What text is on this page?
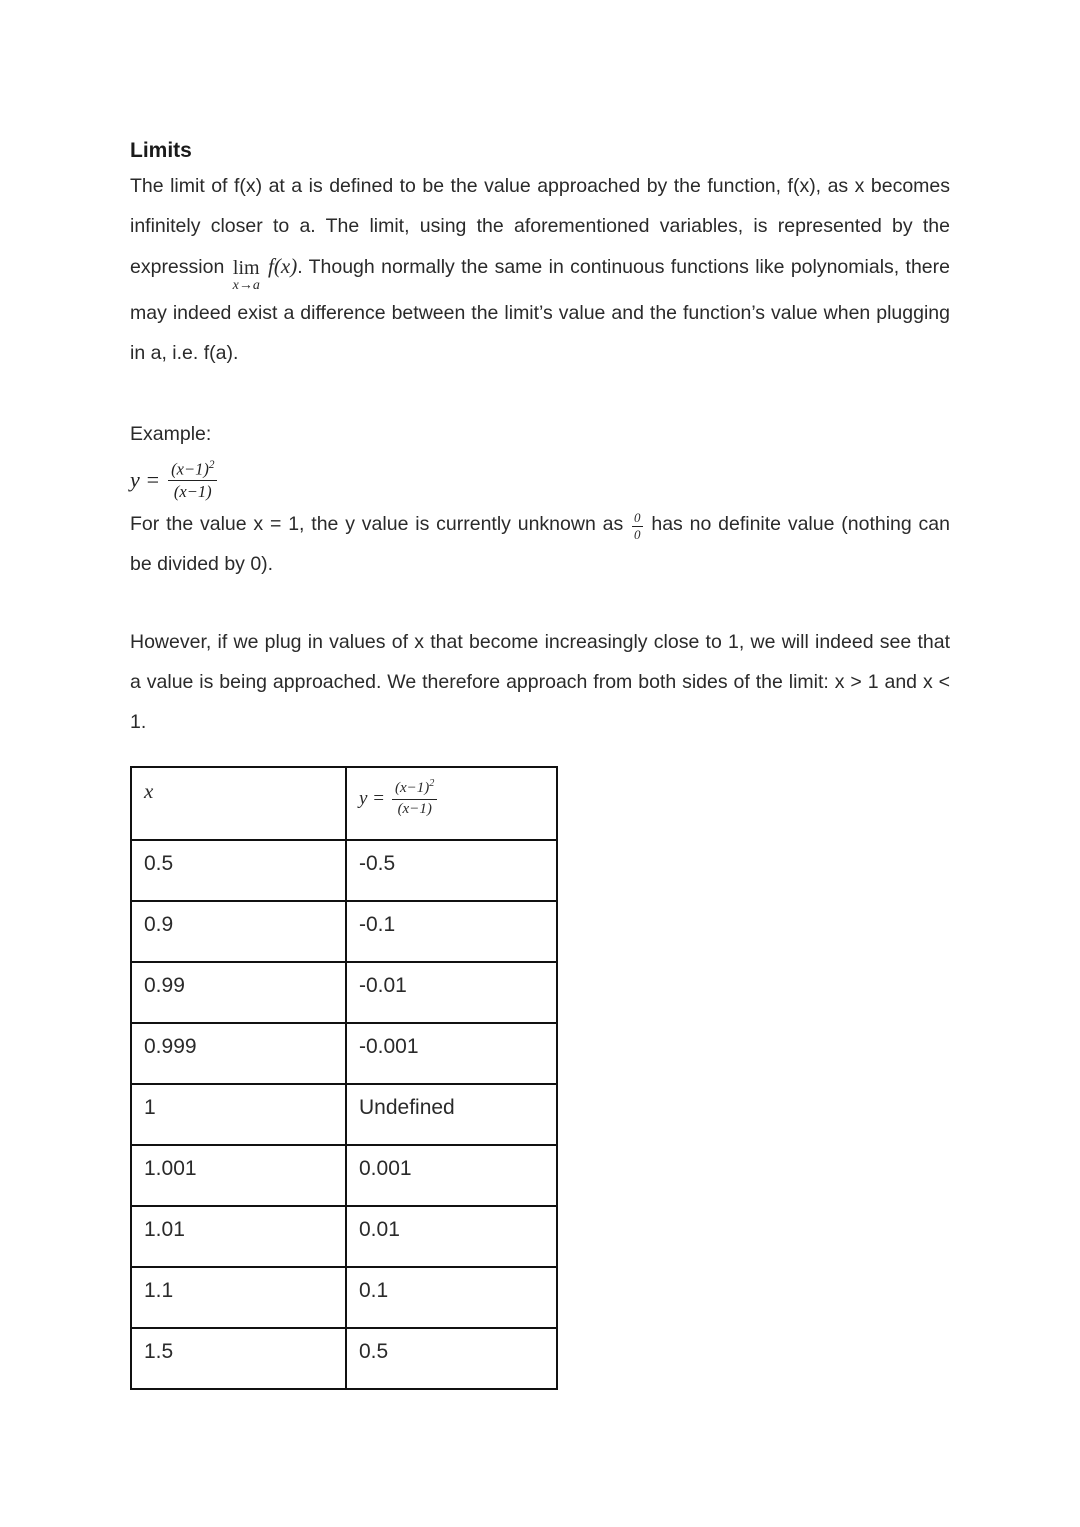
Limits

The limit of f(x) at a is defined to be the value approached by the function, f(x), as x becomes infinitely closer to a. The limit, using the aforementioned variables, is represented by the expression lim
x→a
f(x). Though normally the same in continuous functions like polynomials, there may indeed exist a difference between the limit’s value and the function’s value when plugging in a, i.e. f(a).

Example:

$y = \frac{(x-1)^2}{(x-1)}$

For the value x = 1, the y value is currently unknown as $\frac{0}{0}$ has no definite value (nothing can be divided by 0).

However, if we plug in values of x that become increasingly close to 1, we will indeed see that a value is being approached. We therefore approach from both sides of the limit: x > 1 and x < 1.

x	$y = \frac{(x-1)^2}{(x-1)}$

0.5	-0.5
0.9	-0.1
0.99	-0.01
0.999	-0.001
1	Undefined
1.001	0.001
1.01	0.01
1.1	0.1
1.5	0.5
